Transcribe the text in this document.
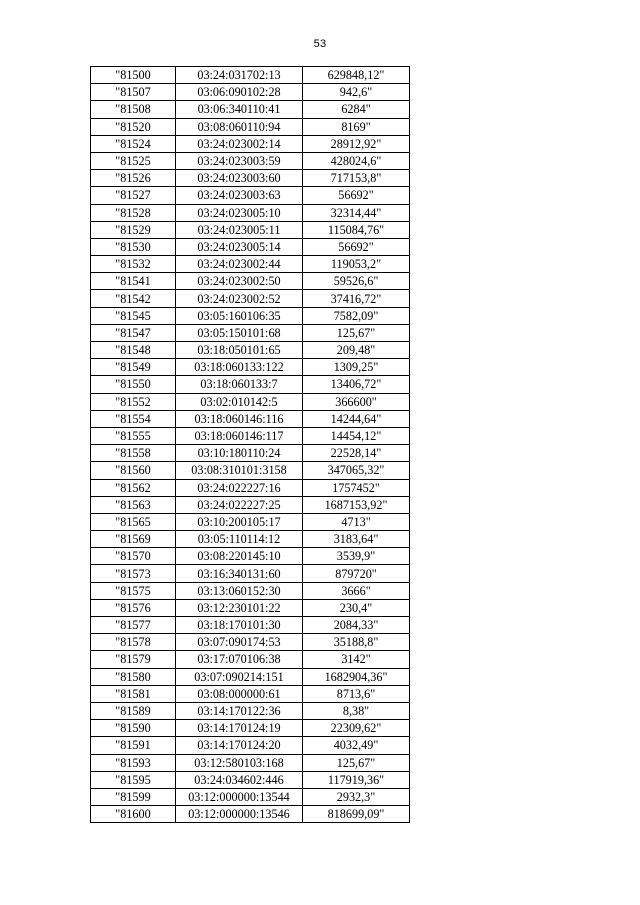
53
"81500	03:24:031702:13	629848,12"
"81507	03:06:090102:28	942,6"
"81508	03:06:340110:41	6284"
"81520	03:08:060110:94	8169"
"81524	03:24:023002:14	28912,92"
"81525	03:24:023003:59	428024,6"
"81526	03:24:023003:60	717153,8"
"81527	03:24:023003:63	56692"
"81528	03:24:023005:10	32314,44"
"81529	03:24:023005:11	115084,76"
"81530	03:24:023005:14	56692"
"81532	03:24:023002:44	119053,2"
"81541	03:24:023002:50	59526,6"
"81542	03:24:023002:52	37416,72"
"81545	03:05:160106:35	7582,09"
"81547	03:05:150101:68	125,67"
"81548	03:18:050101:65	209,48"
"81549	03:18:060133:122	1309,25"
"81550	03:18:060133:7	13406,72"
"81552	03:02:010142:5	366600"
"81554	03:18:060146:116	14244,64"
"81555	03:18:060146:117	14454,12"
"81558	03:10:180110:24	22528,14"
"81560	03:08:310101:3158	347065,32"
"81562	03:24:022227:16	1757452"
"81563	03:24:022227:25	1687153,92"
"81565	03:10:200105:17	4713"
"81569	03:05:110114:12	3183,64"
"81570	03:08:220145:10	3539,9"
"81573	03:16:340131:60	879720"
"81575	03:13:060152:30	3666"
"81576	03:12:230101:22	230,4"
"81577	03:18:170101:30	2084,33"
"81578	03:07:090174:53	35188,8"
"81579	03:17:070106:38	3142"
"81580	03:07:090214:151	1682904,36"
"81581	03:08:000000:61	8713,6"
"81589	03:14:170122:36	8,38"
"81590	03:14:170124:19	22309,62"
"81591	03:14:170124:20	4032,49"
"81593	03:12:580103:168	125,67"
"81595	03:24:034602:446	117919,36"
"81599	03:12:000000:13544	2932,3"
"81600	03:12:000000:13546	818699,09"
